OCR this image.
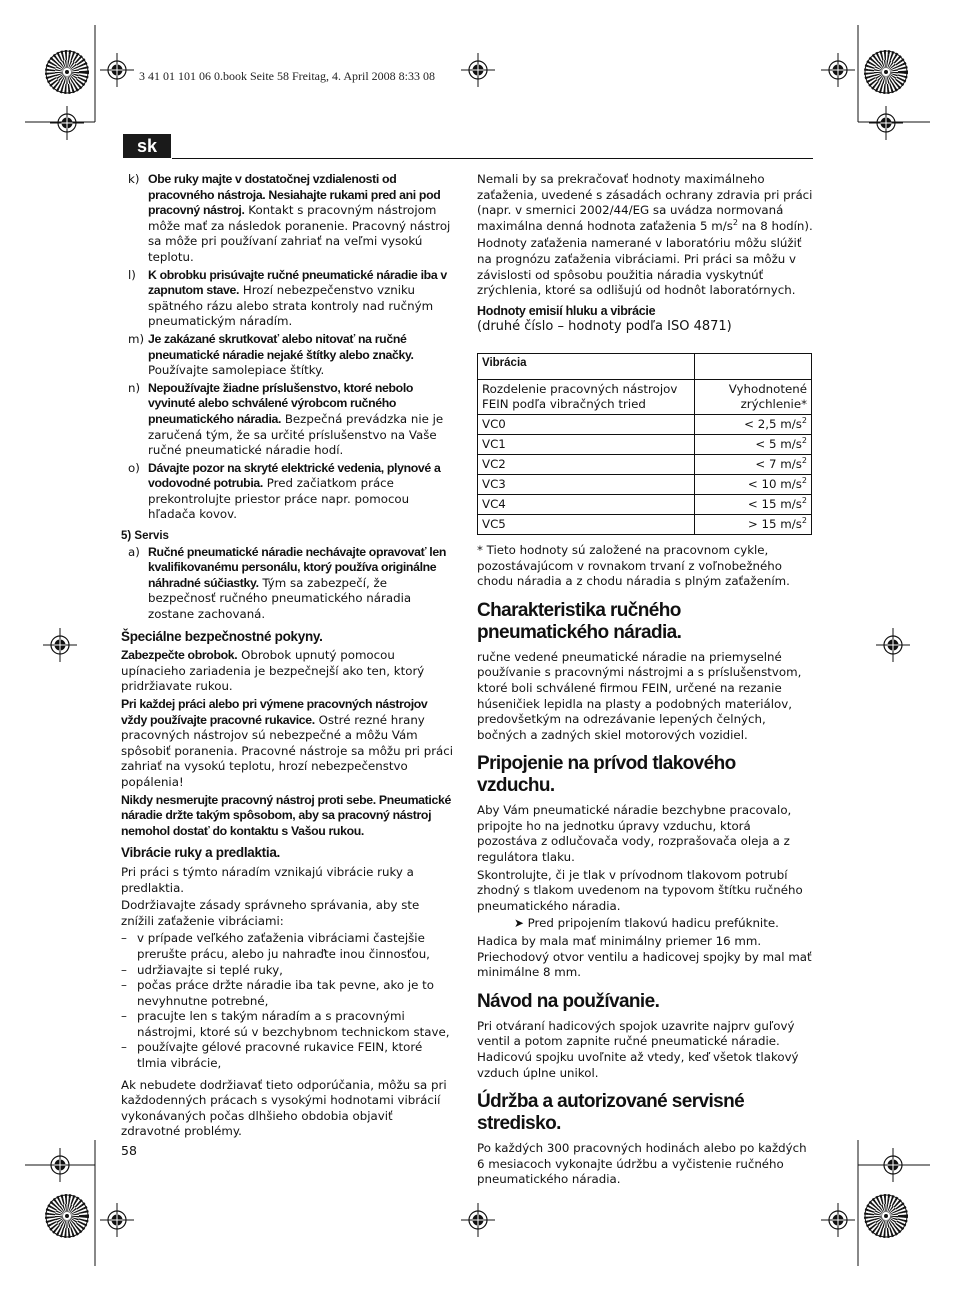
3 41 01 101 06 0.book Seite 58 Freitag, 4. April 2008 8:33 08
sk
k) Obe ruky majte v dostatočnej vzdialenosti od pracovného nástroja. Nesiahajte rukami pred ani pod pracovný nástroj. Kontakt s pracovným nástrojom môže mať za následok poranenie. Pracovný nástroj sa môže pri používaní zahriať na veľmi vysokú teplotu.
l) K obrobku prisúvajte ručné pneumatické náradie iba v zapnutom stave. Hrozí nebezpečenstvo vzniku spätného rázu alebo strata kontroly nad ručným pneumatickým náradím.
m) Je zakázané skrutkovať alebo nitovať na ručné pneumatické náradie nejaké štítky alebo značky. Používajte samolepiace štítky.
n) Nepoužívajte žiadne príslušenstvo, ktoré nebolo vyvinuté alebo schválené výrobcom ručného pneumatického náradia. Bezpečná prevádzka nie je zaručená tým, že sa určité príslušenstvo na Vaše ručné pneumatické náradie hodí.
o) Dávajte pozor na skryté elektrické vedenia, plynové a vodovodné potrubia. Pred začiatkom práce prekontrolujte priestor práce napr. pomocou hľadača kovov.
5) Servis
a) Ručné pneumatické náradie nechávajte opravovať len kvalifikovanému personálu, ktorý používa originálne náhradné súčiastky. Tým sa zabezpečí, že bezpečnosť ručného pneumatického náradia zostane zachovaná.
Špeciálne bezpečnostné pokyny.

Zabezpečte obrobok. Obrobok upnutý pomocou upínacieho zariadenia je bezpečnejší ako ten, ktorý pridržiavate rukou.

Pri každej práci alebo pri výmene pracovných nástrojov vždy používajte pracovné rukavice. Ostré rezné hrany pracovných nástrojov sú nebezpečné a môžu Vám spôsobiť poranenia. Pracovné nástroje sa môžu pri práci zahriať na vysokú teplotu, hrozí nebezpečenstvo popálenia!

Nikdy nesmerujte pracovný nástroj proti sebe. Pneumatické náradie držte takým spôsobom, aby sa pracovný nástroj nemohol dostať do kontaktu s Vašou rukou.

Vibrácie ruky a predlaktia.

Pri práci s týmto náradím vznikajú vibrácie ruky a predlaktia.

Dodržiavajte zásady správneho správania, aby ste znížili zaťaženie vibráciami:

– v prípade veľkého zaťaženia vibráciami častejšie prerušte prácu, alebo ju nahraďte inou činnosťou,
– udržiavajte si teplé ruky,
– počas práce držte náradie iba tak pevne, ako je to nevyhnutne potrebné,
– pracujte len s takým náradím a s pracovnými nástrojmi, ktoré sú v bezchybnom technickom stave,
– používajte gélové pracovné rukavice FEIN, ktoré tlmia vibrácie,

Ak nebudete dodržiavať tieto odporúčania, môžu sa pri každodenných prácach s vysokými hodnotami vibrácií vykonávaných počas dlhšieho obdobia objaviť zdravotné problémy.

58

Nemali by sa prekračovať hodnoty maximálneho zaťaženia, uvedené s zásadách ochrany zdravia pri práci (napr. v smernici 2002/44/EG sa uvádza normovaná maximálna denná hodnota zaťaženia 5 $m/s^2$ na 8 hodín).

Hodnoty zaťaženia namerané v laboratóriu môžu slúžiť na prognózu zaťaženia vibráciami. Pri práci sa môžu v závislosti od spôsobu použitia náradia vyskytnúť zrýchlenia, ktoré sa odlišujú od hodnôt laboratórnych.

Hodnoty emisií hluku a vibrácie
(druhé číslo – hodnoty podľa ISO 4871)
Vibrácia	
Rozdelenie pracovných nástrojov FEIN podľa vibračných tried	Vyhodnotené zrýchlenie*
VC0	< 2,5 $m/s^2$
VC1	< 5 $m/s^2$
VC2	< 7 $m/s^2$
VC3	< 10 $m/s^2$
VC4	< 15 $m/s^2$
VC5	> 15 $m/s^2$

* Tieto hodnoty sú založené na pracovnom cykle, pozostávajúcom v rovnakom trvaní z voľnobežného chodu náradia a z chodu náradia s plným zaťažením.

Charakteristika ručného pneumatického náradia.

ručne vedené pneumatické náradie na priemyselné používanie s pracovnými nástrojmi a s príslušenstvom, ktoré boli schválené firmou FEIN, určené na rezanie húseničiek lepidla na plasty a podobných materiálov, predovšetkým na odrezávanie lepených čelných, bočných a zadných skiel motorových vozidiel.

Pripojenie na prívod tlakového vzduchu.

Aby Vám pneumatické náradie bezchybne pracovalo, pripojte ho na jednotku úpravy vzduchu, ktorá pozostáva z odlučovača vody, rozprašovača oleja a z regulátora tlaku.

Skontrolujte, či je tlak v prívodnom tlakovom potrubí zhodný s tlakom uvedenom na typovom štítku ručného pneumatického náradia.

➤ Pred pripojením tlakovú hadicu prefúknite.

Hadica by mala mať minimálny priemer 16 mm. Priechodový otvor ventilu a hadicovej spojky by mal mať minimálne 8 mm.

Návod na používanie.

Pri otváraní hadicových spojok uzavrite najprv guľový ventil a potom zapnite ručné pneumatické náradie. Hadicovú spojku uvoľnite až vtedy, keď všetok tlakový vzduch úplne unikol.

Údržba a autorizované servisné stredisko.

Po každých 300 pracovných hodinách alebo po každých 6 mesiacoch vykonajte údržbu a vyčistenie ručného pneumatického náradia.
